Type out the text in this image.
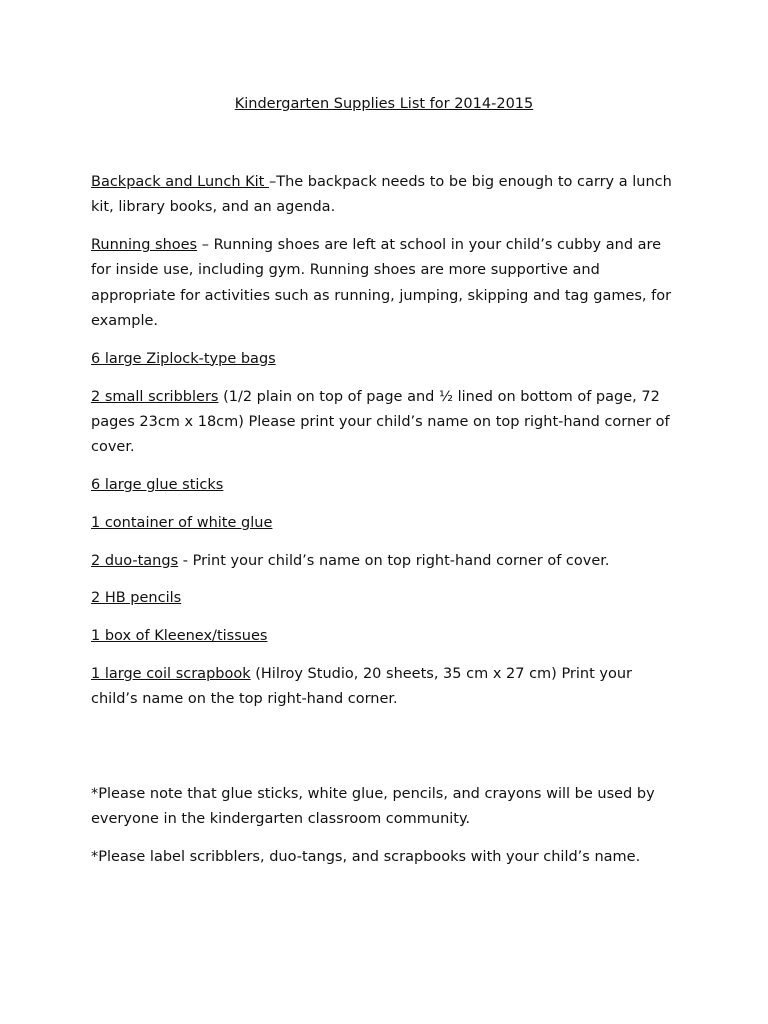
Kindergarten Supplies List for 2014-2015

Backpack and Lunch Kit –The backpack needs to be big enough to carry a lunch kit, library books, and an agenda.

Running shoes – Running shoes are left at school in your child’s cubby and are for inside use, including gym. Running shoes are more supportive and appropriate for activities such as running, jumping, skipping and tag games, for example.

6 large Ziplock-type bags

2 small scribblers (1/2 plain on top of page and ½ lined on bottom of page, 72 pages 23cm x 18cm) Please print your child’s name on top right-hand corner of cover.

6 large glue sticks

1 container of white glue

2 duo-tangs - Print your child’s name on top right-hand corner of cover.

2 HB pencils

1 box of Kleenex/tissues

1 large coil scrapbook (Hilroy Studio, 20 sheets, 35 cm x 27 cm) Print your child’s name on the top right-hand corner.

*Please note that glue sticks, white glue, pencils, and crayons will be used by everyone in the kindergarten classroom community.

*Please label scribblers, duo-tangs, and scrapbooks with your child’s name.
